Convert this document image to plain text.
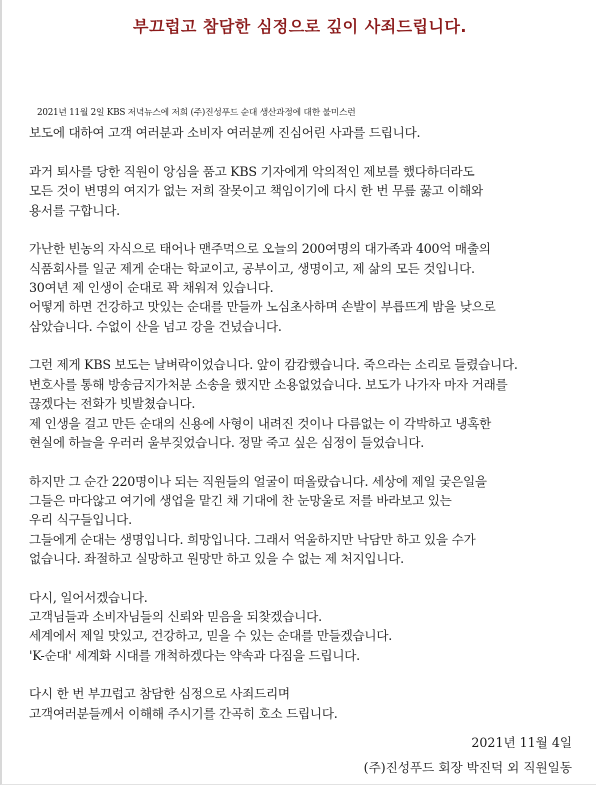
부끄럽고 참담한 심정으로 깊이 사죄드립니다.

2021년 11월 2일 KBS 저녁뉴스에 저희 (주)진성푸드 순대 생산과정에 대한 불미스런
보도에 대하여 고객 여러분과 소비자 여러분께 진심어린 사과를 드립니다.

과거 퇴사를 당한 직원이 앙심을 품고 KBS 기자에게 악의적인 제보를 했다하더라도
모든 것이 변명의 여지가 없는 저희 잘못이고 책임이기에 다시 한 번 무릎 꿇고 이해와
용서를 구합니다.

가난한 빈농의 자식으로 태어나 맨주먹으로 오늘의 200여명의 대가족과 400억 매출의
식품회사를 일군 제게 순대는 학교이고, 공부이고, 생명이고, 제 삶의 모든 것입니다.
30여년 제 인생이 순대로 꽉 채워져 있습니다.
어떻게 하면 건강하고 맛있는 순대를 만들까 노심초사하며 손발이 부릅뜨게 밤을 낮으로
삼았습니다. 수없이 산을 넘고 강을 건넜습니다.

그런 제게 KBS 보도는 날벼락이었습니다. 앞이 캄캄했습니다. 죽으라는 소리로 들렸습니다.
변호사를 통해 방송금지가처분 소송을 했지만 소용없었습니다. 보도가 나가자 마자 거래를
끊겠다는 전화가 빗발쳤습니다.
제 인생을 걸고 만든 순대의 신용에 사형이 내려진 것이나 다름없는 이 각박하고 냉혹한
현실에 하늘을 우러러 울부짖었습니다. 정말 죽고 싶은 심정이 들었습니다.

하지만 그 순간 220명이나 되는 직원들의 얼굴이 떠올랐습니다. 세상에 제일 궂은일을
그들은 마다않고 여기에 생업을 맡긴 채 기대에 찬 눈망울로 저를 바라보고 있는
우리 식구들입니다.
그들에게 순대는 생명입니다. 희망입니다. 그래서 억울하지만 낙담만 하고 있을 수가
없습니다. 좌절하고 실망하고 원망만 하고 있을 수 없는 제 처지입니다.

다시, 일어서겠습니다.
고객님들과 소비자님들의 신뢰와 믿음을 되찾겠습니다.
세계에서 제일 맛있고, 건강하고, 믿을 수 있는 순대를 만들겠습니다.
'K-순대' 세계화 시대를 개척하겠다는 약속과 다짐을 드립니다.

다시 한 번 부끄럽고 참담한 심정으로 사죄드리며
고객여러분들께서 이해해 주시기를 간곡히 호소 드립니다.

2021년 11월 4일
(주)진성푸드 회장 박진덕 외 직원일동
